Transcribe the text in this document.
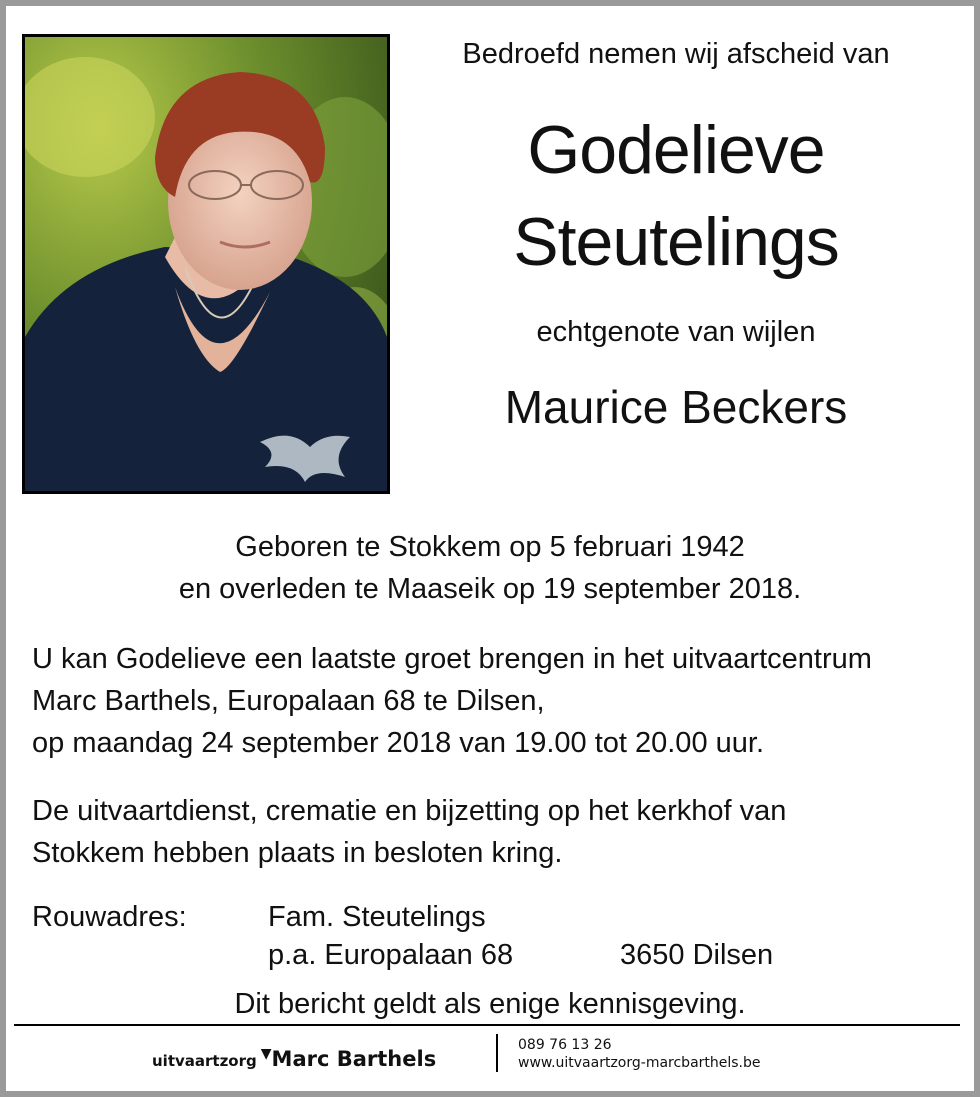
Bedroefd nemen wij afscheid van
Godelieve
Steutelings
echtgenote van wijlen
Maurice Beckers
Geboren te Stokkem op 5 februari 1942
en overleden te Maaseik op 19 september 2018.
U kan Godelieve een laatste groet brengen in het uitvaartcentrum
Marc Barthels, Europalaan 68 te Dilsen,
op maandag 24 september 2018 van 19.00 tot 20.00 uur.
De uitvaartdienst, crematie en bijzetting op het kerkhof van
Stokkem hebben plaats in besloten kring.
Rouwadres:	Fam. Steutelings
p.a. Europalaan 68	3650 Dilsen
Dit bericht geldt als enige kennisgeving.
uitvaartzorg ▼Marc Barthels
089 76 13 26
www.uitvaartzorg-marcbarthels.be
